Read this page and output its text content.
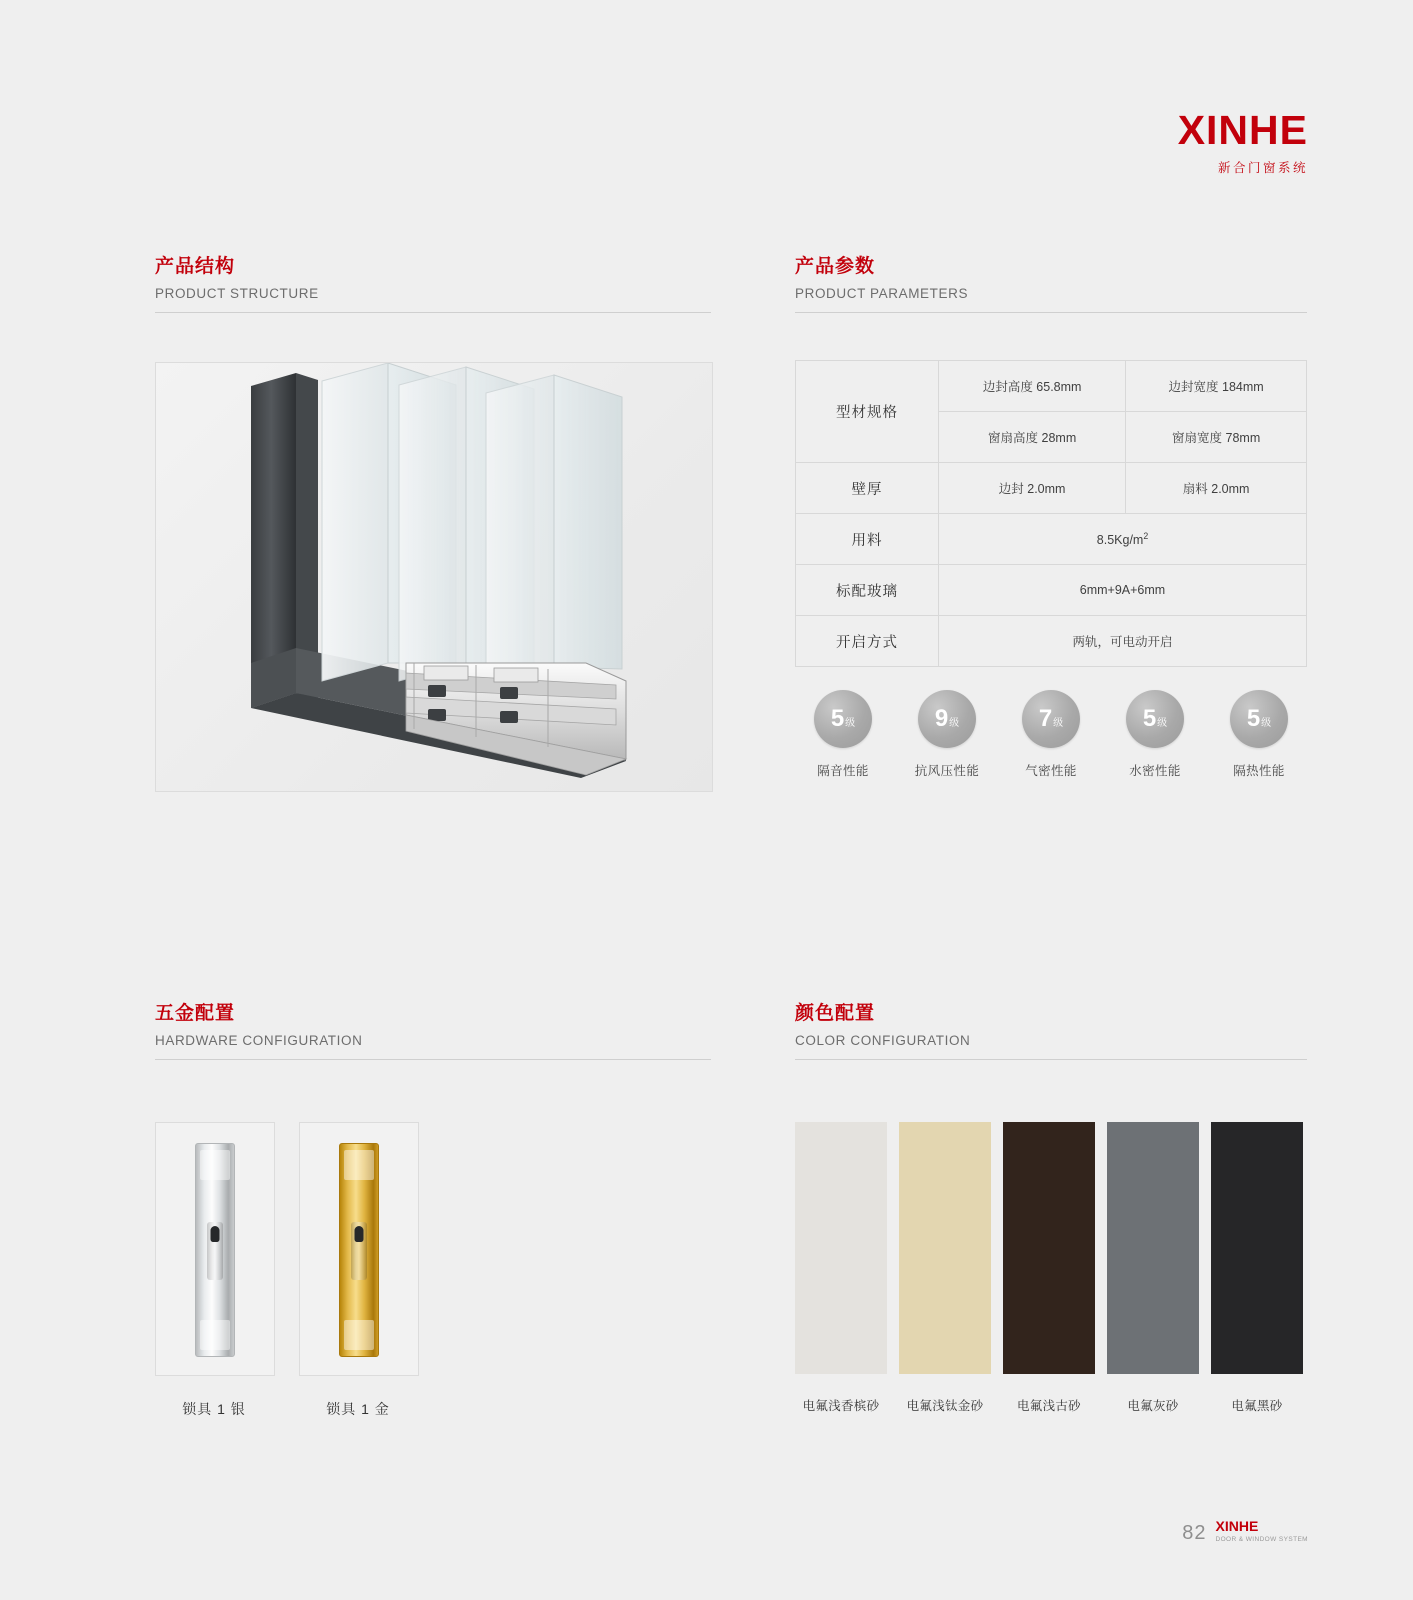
XINHE
新合门窗系统
产品结构
PRODUCT STRUCTURE
产品参数
PRODUCT PARAMETERS
型材规格	边封高度 65.8mm	边封宽度 184mm
	窗扇高度 28mm	窗扇宽度 78mm
壁厚	边封 2.0mm	扇料 2.0mm
用料	$8.5Kg/m^2$
标配玻璃	6mm+9A+6mm	
开启方式	两轨，可电动开启	
5 级
隔音性能
9 级
抗风压性能
7 级
气密性能
5 级
水密性能
5 级
隔热性能
五金配置
HARDWARE CONFIGURATION
锁具 1 银	锁具 1 金
颜色配置
COLOR CONFIGURATION
电氟浅香槟砂	电氟浅钛金砂	电氟浅古砂	电氟灰砂	电氟黑砂
82 XINHE
DOOR & WINDOW SYSTEM
